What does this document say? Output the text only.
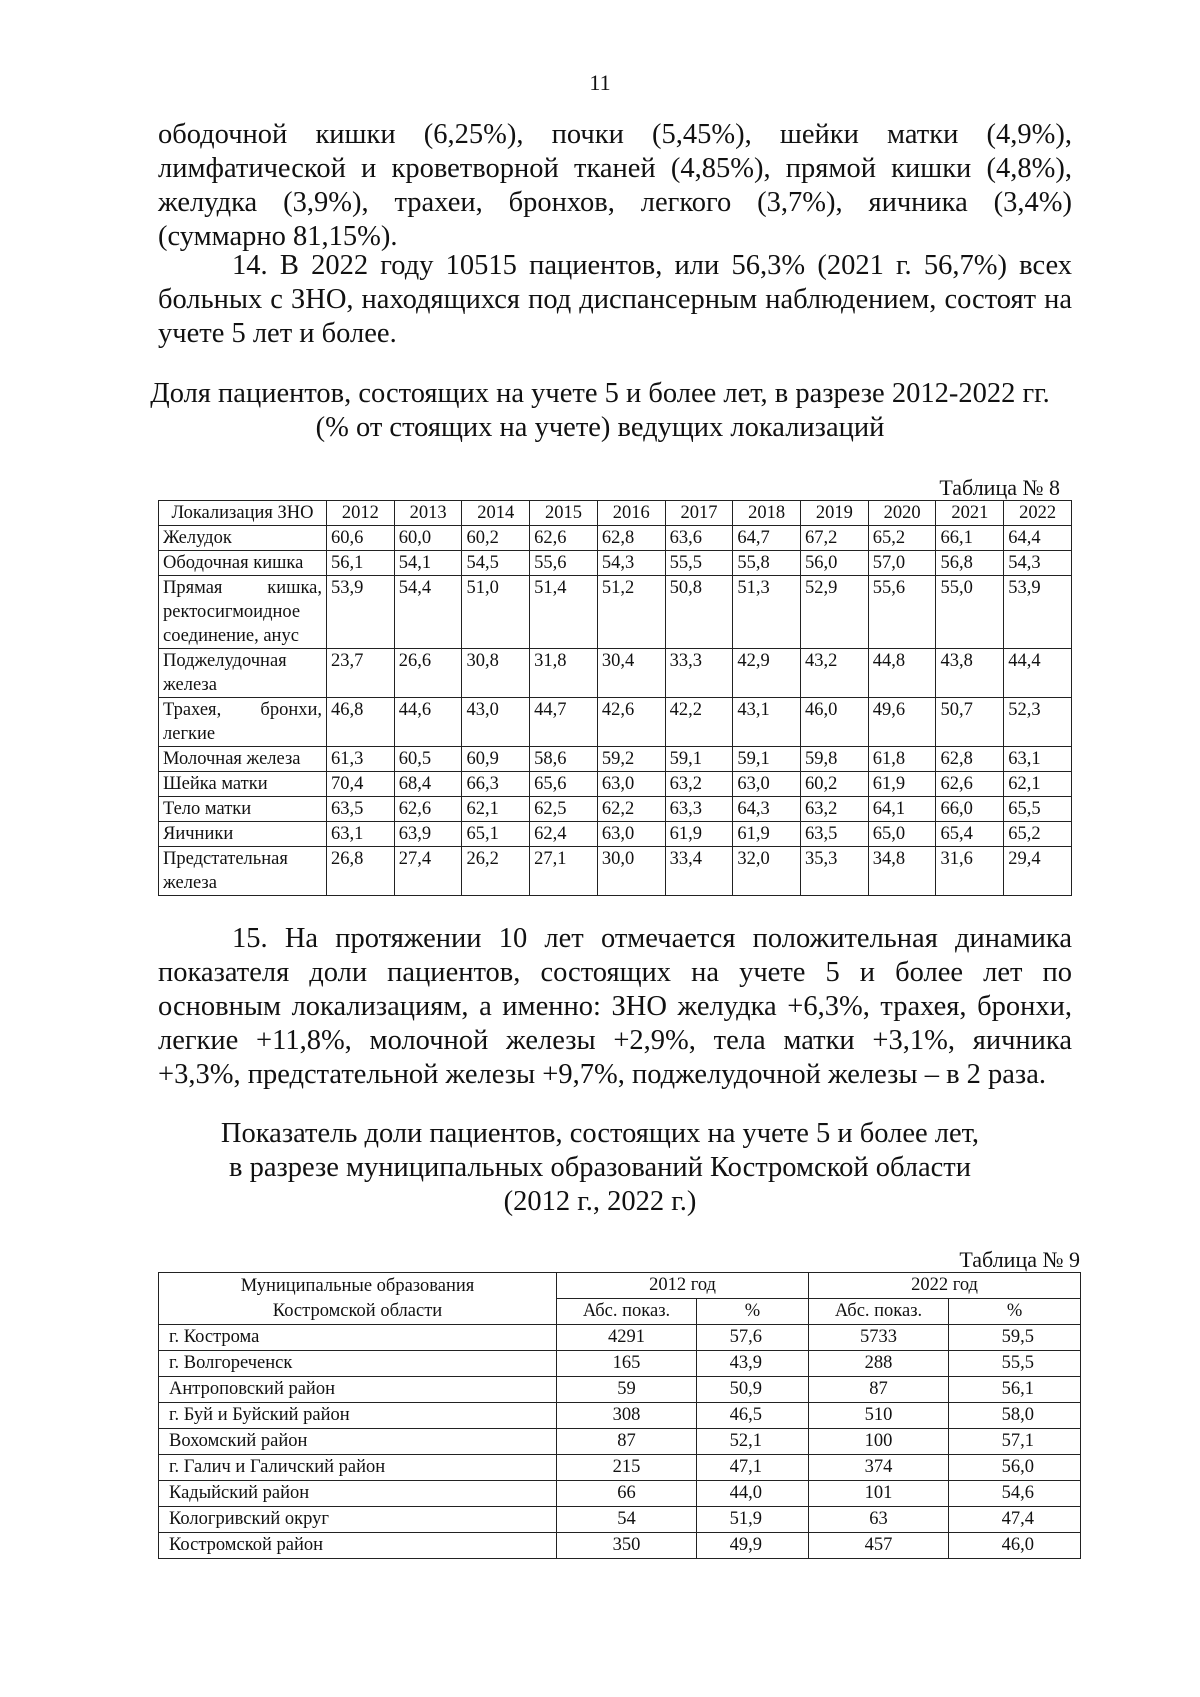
11

ободочной кишки (6,25%), почки (5,45%), шейки матки (4,9%), лимфатической и кроветворной тканей (4,85%), прямой кишки (4,8%), желудка (3,9%), трахеи, бронхов, легкого (3,7%), яичника (3,4%) (суммарно 81,15%).

14. В 2022 году 10515 пациентов, или 56,3% (2021 г. 56,7%) всех больных с ЗНО, находящихся под диспансерным наблюдением, состоят на учете 5 лет и более.

Доля пациентов, состоящих на учете 5 и более лет, в разрезе 2012-2022 гг.
(% от стоящих на учете) ведущих локализаций
Таблица № 8
Локализация ЗНО	2012	2013	2014	2015	2016	2017	2018	2019	2020	2021	2022
Желудок	60,6	60,0	60,2	62,6	62,8	63,6	64,7	67,2	65,2	66,1	64,4
Ободочная кишка	56,1	54,1	54,5	55,6	54,3	55,5	55,8	56,0	57,0	56,8	54,3
Прямая кишка, ректосигмоидное соединение, анус	53,9	54,4	51,0	51,4	51,2	50,8	51,3	52,9	55,6	55,0	53,9
Поджелудочная железа	23,7	26,6	30,8	31,8	30,4	33,3	42,9	43,2	44,8	43,8	44,4
Трахея, бронхи, легкие	46,8	44,6	43,0	44,7	42,6	42,2	43,1	46,0	49,6	50,7	52,3
Молочная железа	61,3	60,5	60,9	58,6	59,2	59,1	59,1	59,8	61,8	62,8	63,1
Шейка матки	70,4	68,4	66,3	65,6	63,0	63,2	63,0	60,2	61,9	62,6	62,1
Тело матки	63,5	62,6	62,1	62,5	62,2	63,3	64,3	63,2	64,1	66,0	65,5
Яичники	63,1	63,9	65,1	62,4	63,0	61,9	61,9	63,5	65,0	65,4	65,2
Предстательная железа	26,8	27,4	26,2	27,1	30,0	33,4	32,0	35,3	34,8	31,6	29,4

15. На протяжении 10 лет отмечается положительная динамика показателя доли пациентов, состоящих на учете 5 и более лет по основным локализациям, а именно: ЗНО желудка +6,3%, трахея, бронхи, легкие +11,8%, молочной железы +2,9%, тела матки +3,1%, яичника +3,3%, предстательной железы +9,7%, поджелудочной железы – в 2 раза.

Показатель доли пациентов, состоящих на учете 5 и более лет,
в разрезе муниципальных образований Костромской области
(2012 г., 2022 г.)
Таблица № 9
Муниципальные образования
Костромской области	2012 год		2022 год	
	Абс. показ.	%	Абс. показ.	%
г. Кострома	4291	57,6	5733	59,5
г. Волгореченск	165	43,9	288	55,5
Антроповский район	59	50,9	87	56,1
г. Буй и Буйский район	308	46,5	510	58,0
Вохомский район	87	52,1	100	57,1
г. Галич и Галичский район	215	47,1	374	56,0
Кадыйский район	66	44,0	101	54,6
Кологривский округ	54	51,9	63	47,4
Костромской район	350	49,9	457	46,0
